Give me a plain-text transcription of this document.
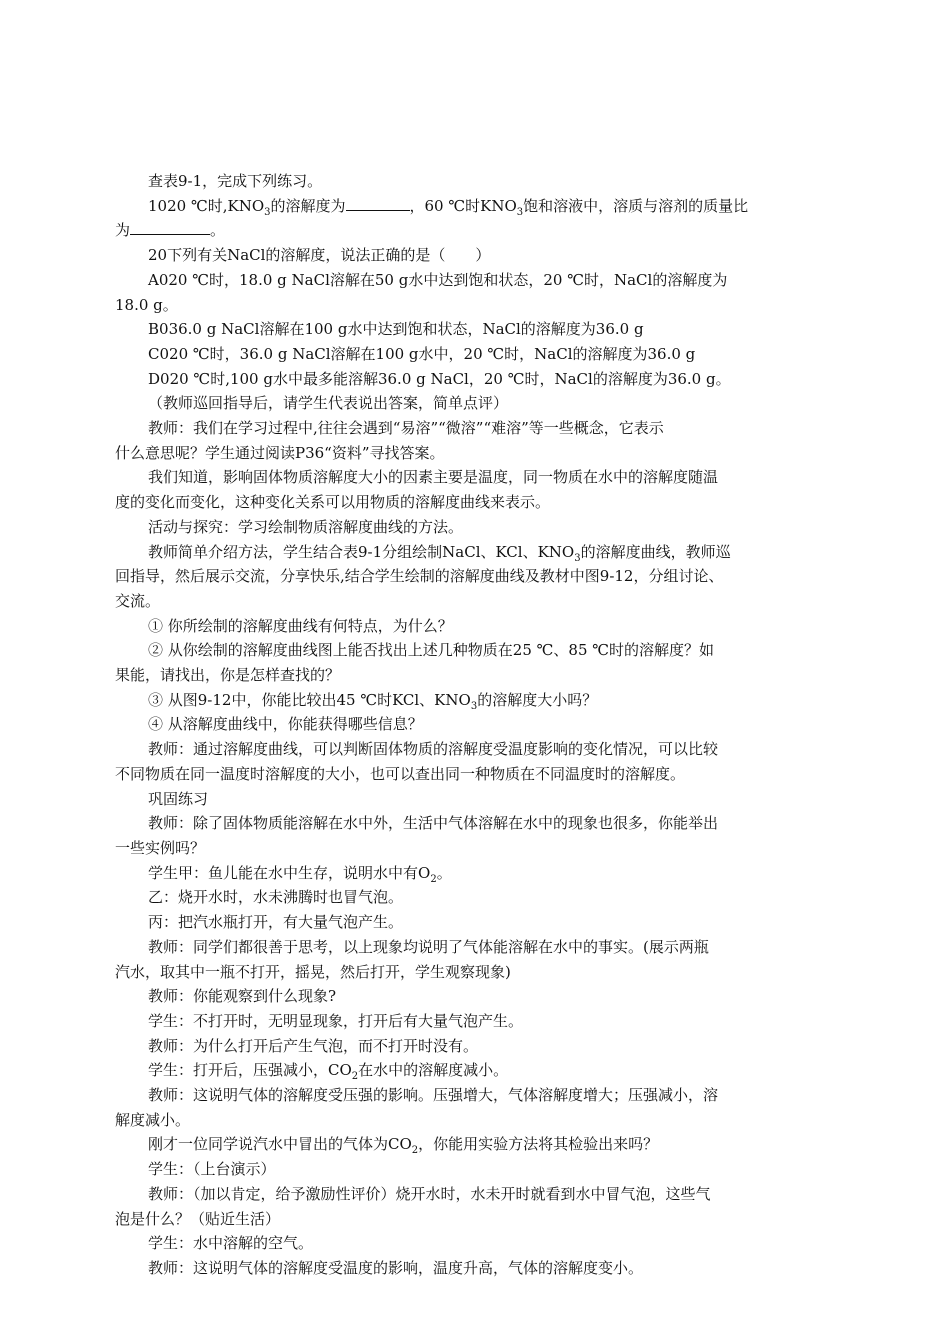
查表9-1，完成下列练习。

1020 ℃时$,KNO_3$的溶解度为	，60 ℃时$KNO_3$饱和溶液中，溶质与溶剂的质量比

为	。

20下列有关NaCl的溶解度，说法正确的是（　　）

A020 ℃时，18.0 g NaCl溶解在50 g水中达到饱和状态，20 ℃时，NaCl的溶解度为

18.0 g。

B036.0 g NaCl溶解在100 g水中达到饱和状态，NaCl的溶解度为36.0 g

C020 ℃时，36.0 g NaCl溶解在100 g水中，20 ℃时，NaCl的溶解度为36.0 g

D020 ℃时,100 g水中最多能溶解36.0 g NaCl，20 ℃时，NaCl的溶解度为36.0 g。

（教师巡回指导后，请学生代表说出答案，简单点评）

教师：我们在学习过程中,往往会遇到“易溶”“微溶”“难溶”等一些概念，它表示

什么意思呢？学生通过阅读P36“资料”寻找答案。

我们知道，影响固体物质溶解度大小的因素主要是温度，同一物质在水中的溶解度随温

度的变化而变化，这种变化关系可以用物质的溶解度曲线来表示。

活动与探究：学习绘制物质溶解度曲线的方法。

教师简单介绍方法，学生结合表9-1分组绘制NaCl、KCl、$KNO_3$的溶解度曲线，教师巡

回指导，然后展示交流，分享快乐,结合学生绘制的溶解度曲线及教材中图9-12，分组讨论、

交流。

① 你所绘制的溶解度曲线有何特点，为什么？

② 从你绘制的溶解度曲线图上能否找出上述几种物质在25 ℃、85 ℃时的溶解度？如

果能，请找出，你是怎样查找的？

③ 从图9-12中，你能比较出45 ℃时KCl、$KNO_3$的溶解度大小吗？

④ 从溶解度曲线中，你能获得哪些信息？

教师：通过溶解度曲线，可以判断固体物质的溶解度受温度影响的变化情况，可以比较

不同物质在同一温度时溶解度的大小，也可以查出同一种物质在不同温度时的溶解度。

巩固练习

教师：除了固体物质能溶解在水中外，生活中气体溶解在水中的现象也很多，你能举出

一些实例吗？

学生甲：鱼儿能在水中生存，说明水中有$O_2$。

乙：烧开水时，水未沸腾时也冒气泡。

丙：把汽水瓶打开，有大量气泡产生。

教师：同学们都很善于思考，以上现象均说明了气体能溶解在水中的事实。(展示两瓶

汽水，取其中一瓶不打开，摇晃，然后打开，学生观察现象)

教师：你能观察到什么现象?

学生：不打开时，无明显现象，打开后有大量气泡产生。

教师：为什么打开后产生气泡，而不打开时没有。

学生：打开后，压强减小，$CO_2$在水中的溶解度减小。

教师：这说明气体的溶解度受压强的影响。压强增大，气体溶解度增大；压强减小，溶

解度减小。

刚才一位同学说汽水中冒出的气体为$CO_2$，你能用实验方法将其检验出来吗？

学生：（上台演示）

教师：（加以肯定，给予激励性评价）烧开水时，水未开时就看到水中冒气泡，这些气

泡是什么？（贴近生活）

学生：水中溶解的空气。

教师：这说明气体的溶解度受温度的影响，温度升高，气体的溶解度变小。
